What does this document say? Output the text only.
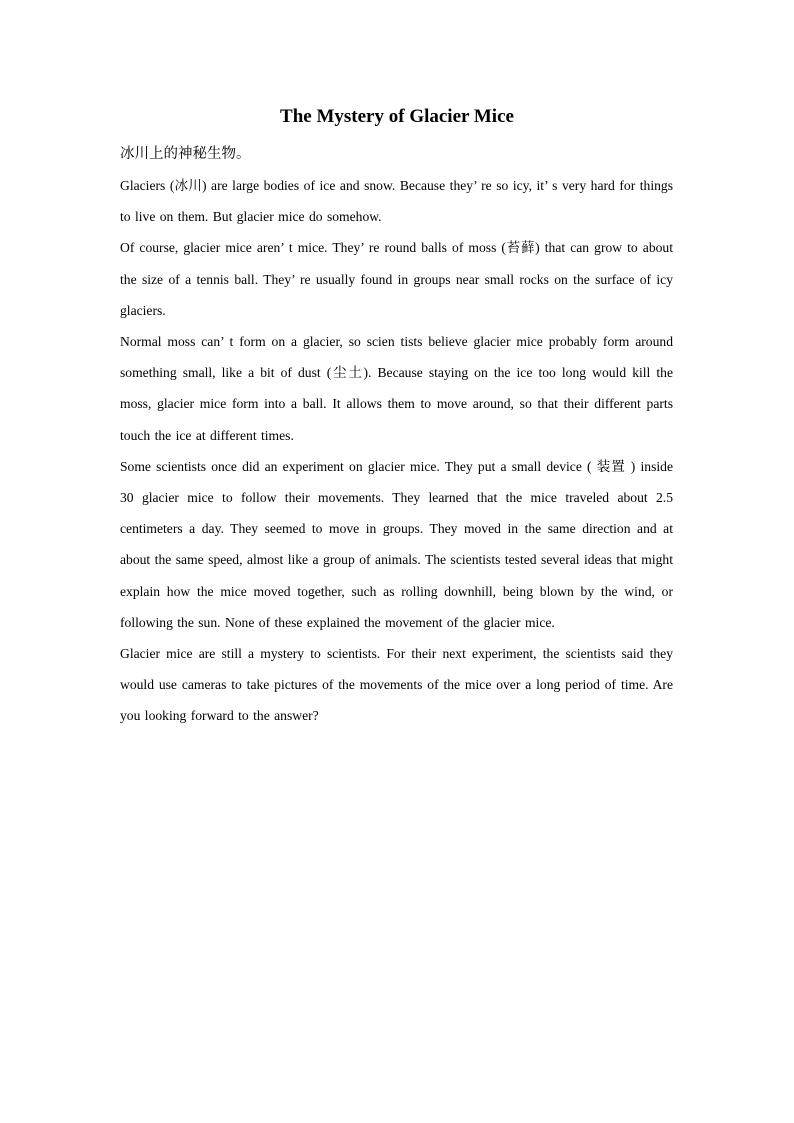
The Mystery of Glacier Mice
冰川上的神秘生物。

Glaciers (冰川) are large bodies of ice and snow. Because they’ re so icy, it’ s very hard for things to live on them. But glacier mice do somehow.

Of course, glacier mice aren’ t mice. They’ re round balls of moss (苔藓) that can grow to about the size of a tennis ball. They’ re usually found in groups near small rocks on the surface of icy glaciers.

Normal moss can’ t form on a glacier, so scien tists believe glacier mice probably form around something small, like a bit of dust (尘土). Because staying on the ice too long would kill the moss, glacier mice form into a ball. It allows them to move around, so that their different parts touch the ice at different times.

Some scientists once did an experiment on glacier mice. They put a small device ( 装置 ) inside 30 glacier mice to follow their movements. They learned that the mice traveled about 2.5 centimeters a day. They seemed to move in groups. They moved in the same direction and at about the same speed, almost like a group of animals. The scientists tested several ideas that might explain how the mice moved together, such as rolling downhill, being blown by the wind, or following the sun. None of these explained the movement of the glacier mice.

Glacier mice are still a mystery to scientists. For their next experiment, the scientists said they would use cameras to take pictures of the movements of the mice over a long period of time. Are you looking forward to the answer?
